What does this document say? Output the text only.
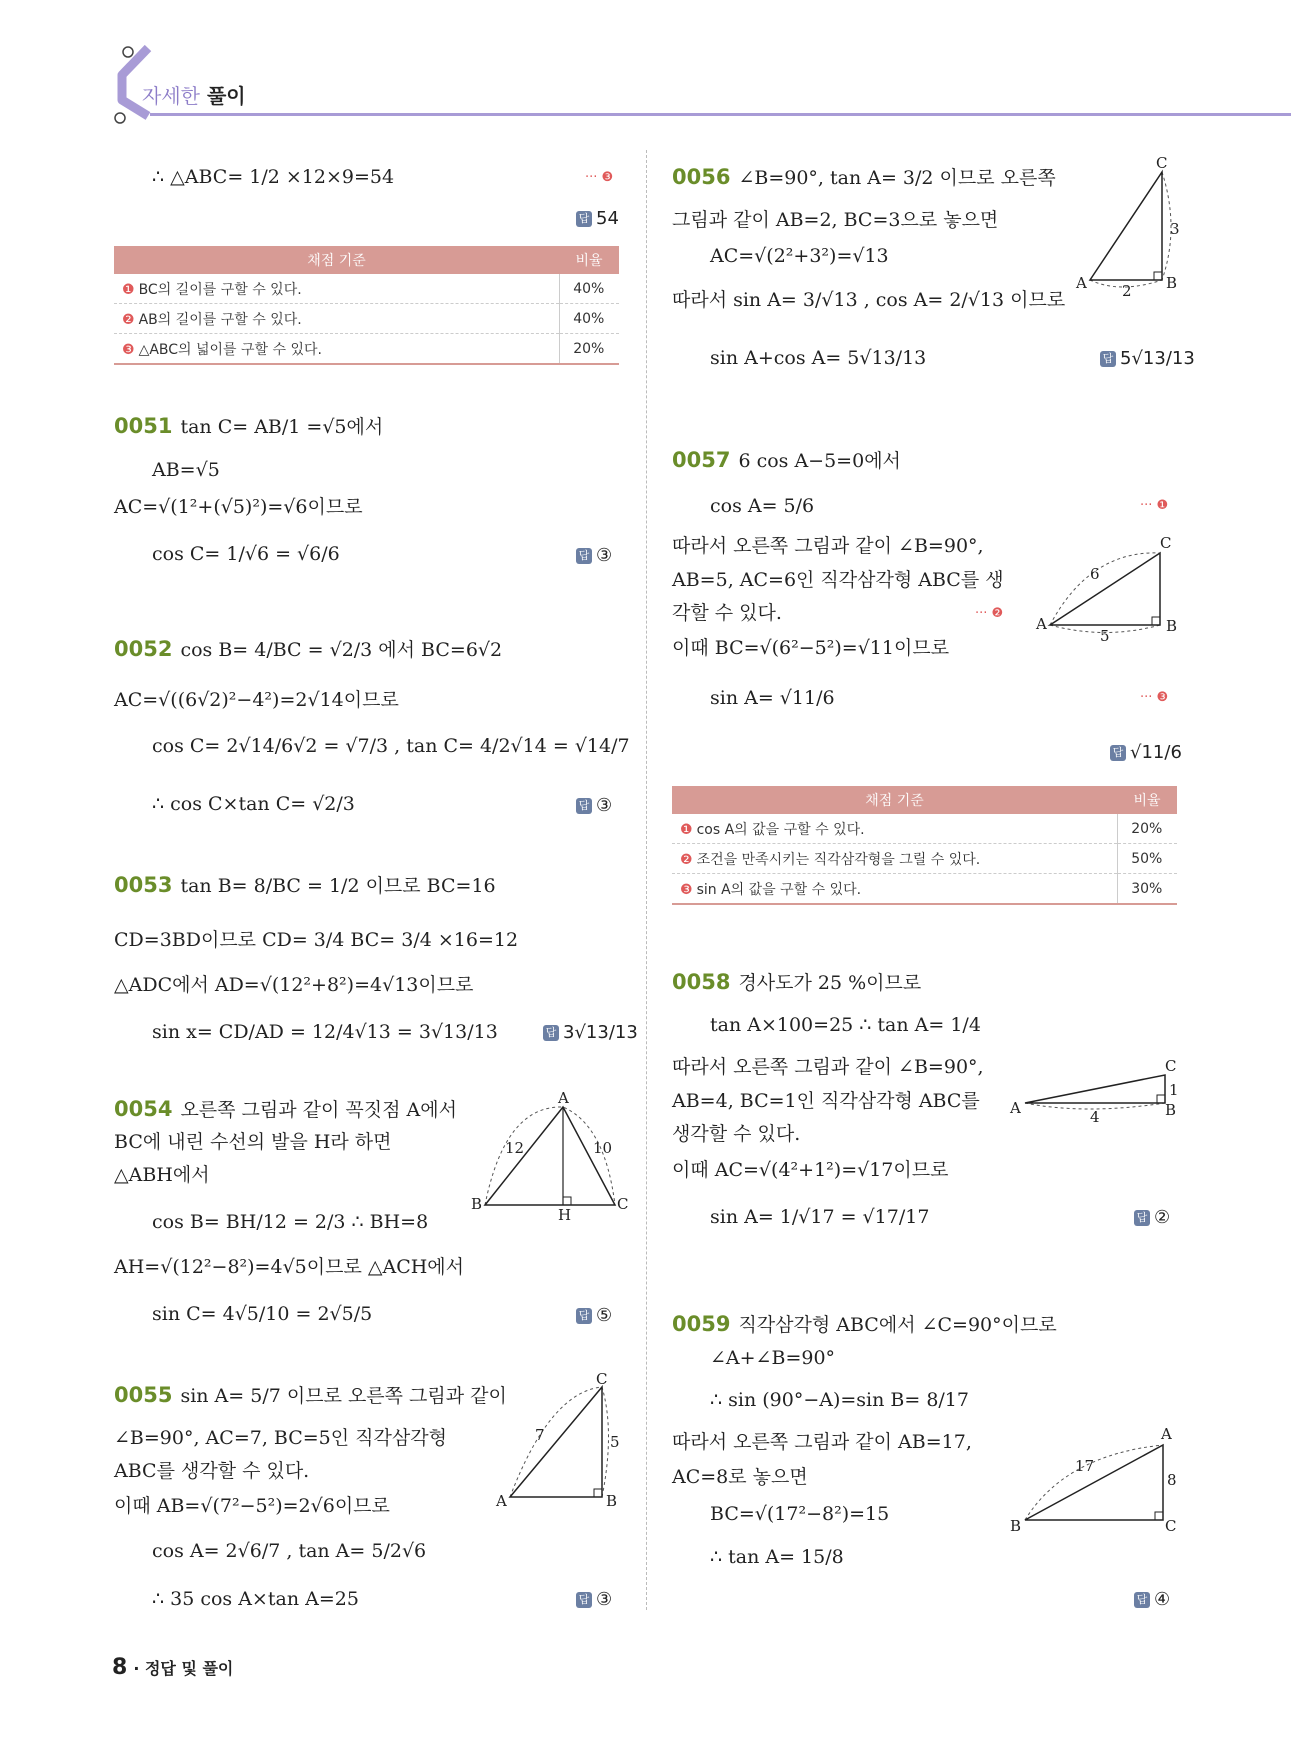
자세한 풀이
∴ △ABC= 1/2 ×12×9=54	··· ❸
답 54
채점 기준	비율
❶ BC의 길이를 구할 수 있다.	40%
❷ AB의 길이를 구할 수 있다.	40%
❸ △ABC의 넓이를 구할 수 있다.	20%
0051 tan C= AB/1 =√5에서
AB=√5
AC=√(1²+(√5)²)=√6이므로
cos C= 1/√6 = √6/6	답 ③
0052 cos B= 4/BC = √2/3 에서 BC=6√2
AC=√((6√2)²−4²)=2√14이므로
cos C= 2√14/6√2 = √7/3 , tan C= 4/2√14 = √14/7
∴ cos C×tan C= √2/3	답 ③
0053 tan B= 8/BC = 1/2 이므로 BC=16
CD=3BD이므로 CD= 3/4 BC= 3/4 ×16=12
△ADC에서 AD=√(12²+8²)=4√13이므로
sin x= CD/AD = 12/4√13 = 3√13/13	답 3√13/13
0054 오른쪽 그림과 같이 꼭짓점 A에서
BC에 내린 수선의 발을 H라 하면
△ABH에서
cos B= BH/12 = 2/3 ∴ BH=8
AH=√(12²−8²)=4√5이므로 △ACH에서
sin C= 4√5/10 = 2√5/5	답 ⑤
A
B	C
H
12	10
0055 sin A= 5/7 이므로 오른쪽 그림과 같이
∠B=90°, AC=7, BC=5인 직각삼각형
ABC를 생각할 수 있다.
이때 AB=√(7²−5²)=2√6이므로
cos A= 2√6/7 , tan A= 5/2√6
∴ 35 cos A×tan A=25	답 ③
A	B
C
7	5
0056 ∠B=90°, tan A= 3/2 이므로 오른쪽
그림과 같이 AB=2, BC=3으로 놓으면
AC=√(2²+3²)=√13
따라서 sin A= 3/√13 , cos A= 2/√13 이므로
sin A+cos A= 5√13/13	답 5√13/13
A	B
C
2
3
0057 6 cos A−5=0에서
cos A= 5/6	··· ❶
따라서 오른쪽 그림과 같이 ∠B=90°,
AB=5, AC=6인 직각삼각형 ABC를 생
각할 수 있다.	··· ❷
이때 BC=√(6²−5²)=√11이므로
sin A= √11/6	··· ❸
답 √11/6
A	B
C
6
5
채점 기준	비율
❶ cos A의 값을 구할 수 있다.	20%
❷ 조건을 만족시키는 직각삼각형을 그릴 수 있다.	50%
❸ sin A의 값을 구할 수 있다.	30%
0058 경사도가 25 %이므로
tan A×100=25 ∴ tan A= 1/4
따라서 오른쪽 그림과 같이 ∠B=90°,
AB=4, BC=1인 직각삼각형 ABC를
생각할 수 있다.
이때 AC=√(4²+1²)=√17이므로
sin A= 1/√17 = √17/17	답 ②
A	B
C
4
1
0059 직각삼각형 ABC에서 ∠C=90°이므로
∠A+∠B=90°
∴ sin (90°−A)=sin B= 8/17
따라서 오른쪽 그림과 같이 AB=17,
AC=8로 놓으면
BC=√(17²−8²)=15
∴ tan A= 15/8
답 ④
B
A
C
17
8
8 · 정답 및 풀이
